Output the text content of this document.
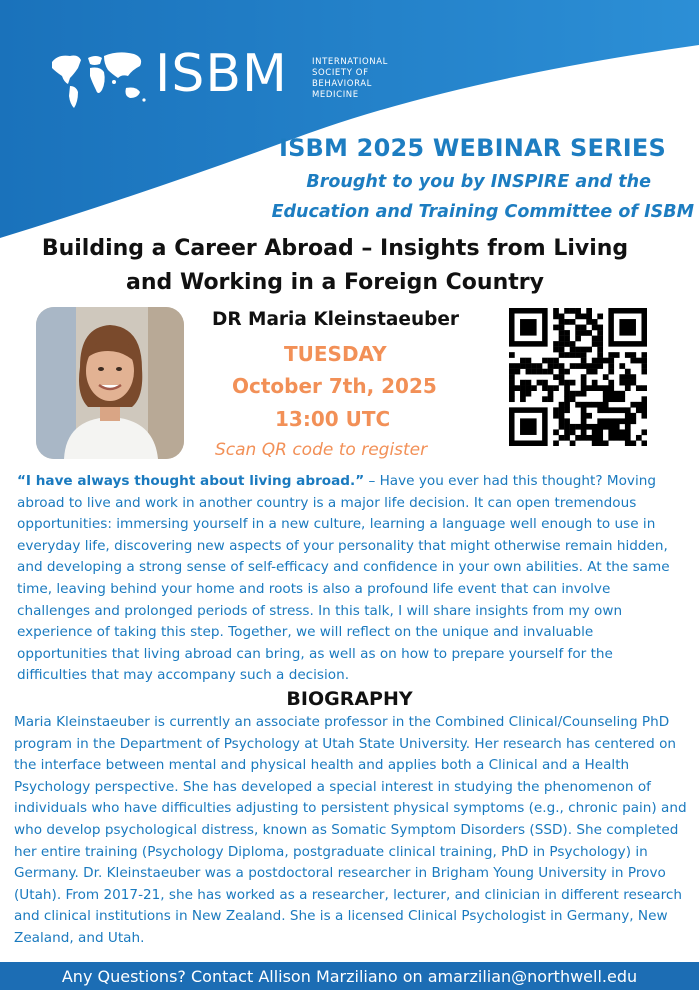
ISBM	INTERNATIONAL
SOCIETY OF
BEHAVIORAL
MEDICINE
ISBM 2025 WEBINAR SERIES
Brought to you by INSPIRE and the
Education and Training Committee of ISBM
Building a Career Abroad – Insights from Living and Working in a Foreign Country
DR Maria Kleinstaeuber
TUESDAY
October 7th, 2025
13:00 UTC
Scan QR code to register
“I have always thought about living abroad.” – Have you ever had this thought? Moving abroad to live and work in another country is a major life decision. It can open tremendous opportunities: immersing yourself in a new culture, learning a language well enough to use in everyday life, discovering new aspects of your personality that might otherwise remain hidden, and developing a strong sense of self-efficacy and confidence in your own abilities. At the same time, leaving behind your home and roots is also a profound life event that can involve challenges and prolonged periods of stress. In this talk, I will share insights from my own experience of taking this step. Together, we will reflect on the unique and invaluable opportunities that living abroad can bring, as well as on how to prepare yourself for the difficulties that may accompany such a decision.
BIOGRAPHY
Maria Kleinstaeuber is currently an associate professor in the Combined Clinical/Counseling PhD program in the Department of Psychology at Utah State University. Her research has centered on the interface between mental and physical health and applies both a Clinical and a Health Psychology perspective. She has developed a special interest in studying the phenomenon of individuals who have difficulties adjusting to persistent physical symptoms (e.g., chronic pain) and who develop psychological distress, known as Somatic Symptom Disorders (SSD). She completed her entire training (Psychology Diploma, postgraduate clinical training, PhD in Psychology) in Germany. Dr. Kleinstaeuber was a postdoctoral researcher in Brigham Young University in Provo (Utah). From 2017-21, she has worked as a researcher, lecturer, and clinician in different research and clinical institutions in New Zealand. She is a licensed Clinical Psychologist in Germany, New Zealand, and Utah.
Any Questions? Contact Allison Marziliano on amarzilian@northwell.edu
